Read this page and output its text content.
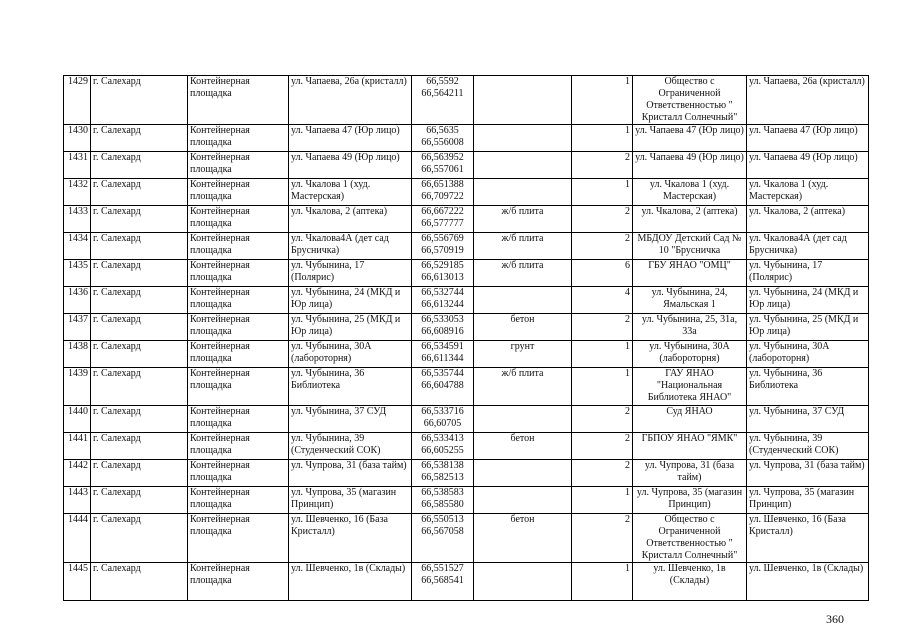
1429	г. Салехард	Контейнерная площадка	ул. Чапаева, 26а (кристалл)	66,5592
66,564211		1	Общество с Ограниченной Ответственностью " Кристалл Солнечный"	ул. Чапаева, 26а (кристалл)
1430	г. Салехард	Контейнерная площадка	ул. Чапаева 47 (Юр лицо)	66,5635
66,556008		1	ул. Чапаева 47 (Юр лицо)	ул. Чапаева 47 (Юр лицо)
1431	г. Салехард	Контейнерная площадка	ул. Чапаева 49 (Юр лицо)	66,563952
66,557061		2	ул. Чапаева 49 (Юр лицо)	ул. Чапаева 49 (Юр лицо)
1432	г. Салехард	Контейнерная площадка	ул. Чкалова 1 (худ. Мастерская)	66,651388
66,709722		1	ул. Чкалова 1 (худ. Мастерская)	ул. Чкалова 1 (худ. Мастерская)
1433	г. Салехард	Контейнерная площадка	ул. Чкалова, 2 (аптека)	66,667222
66,577777	ж/б плита	2	ул. Чкалова, 2 (аптека)	ул. Чкалова, 2 (аптека)
1434	г. Салехард	Контейнерная площадка	ул. Чкалова4А (дет сад Брусничка)	66,556769
66,570919	ж/б плита	2	МБДОУ Детский Сад № 10 "Брусничка	ул. Чкалова4А (дет сад Брусничка)
1435	г. Салехард	Контейнерная площадка	ул. Чубынина, 17 (Полярис)	66,529185
66,613013	ж/б плита	6	ГБУ ЯНАО "ОМЦ"	ул. Чубынина, 17 (Полярис)
1436	г. Салехард	Контейнерная площадка	ул. Чубынина, 24 (МКД и Юр лица)	66,532744
66,613244		4	ул. Чубынина, 24, Ямальская 1	ул. Чубынина, 24 (МКД и Юр лица)
1437	г. Салехард	Контейнерная площадка	ул. Чубынина, 25 (МКД и Юр лица)	66,533053
66,608916	бетон	2	ул. Чубынина, 25, 31а, 33а	ул. Чубынина, 25 (МКД и Юр лица)
1438	г. Салехард	Контейнерная площадка	ул. Чубынина, 30А (лабороторня)	66,534591
66,611344	грунт	1	ул. Чубынина, 30А (лабороторня)	ул. Чубынина, 30А (лабороторня)
1439	г. Салехард	Контейнерная площадка	ул. Чубынина, 36 Библиотека	66,535744
66,604788	ж/б плита	1	ГАУ ЯНАО "Национальная Библиотека ЯНАО"	ул. Чубынина, 36 Библиотека
1440	г. Салехард	Контейнерная площадка	ул. Чубынина, 37 СУД	66,533716
66,60705		2	Суд ЯНАО	ул. Чубынина, 37 СУД
1441	г. Салехард	Контейнерная площадка	ул. Чубынина, 39 (Студенческий СОК)	66,533413
66,605255	бетон	2	ГБПОУ ЯНАО "ЯМК"	ул. Чубынина, 39 (Студенческий СОК)
1442	г. Салехард	Контейнерная площадка	ул. Чупрова, 31 (база тайм)	66,538138
66,582513		2	ул. Чупрова, 31 (база тайм)	ул. Чупрова, 31 (база тайм)
1443	г. Салехард	Контейнерная площадка	ул. Чупрова, 35 (магазин Принцип)	66,538583
66,585580		1	ул. Чупрова, 35 (магазин Принцип)	ул. Чупрова, 35 (магазин Принцип)
1444	г. Салехард	Контейнерная площадка	ул. Шевченко, 16 (База Кристалл)	66,550513
66,567058	бетон	2	Общество с Ограниченной Ответственностью " Кристалл Солнечный"	ул. Шевченко, 16 (База Кристалл)
1445	г. Салехард	Контейнерная площадка	ул. Шевченко, 1в (Склады)	66,551527
66,568541		1	ул. Шевченко, 1в (Склады)	ул. Шевченко, 1в (Склады)
360
